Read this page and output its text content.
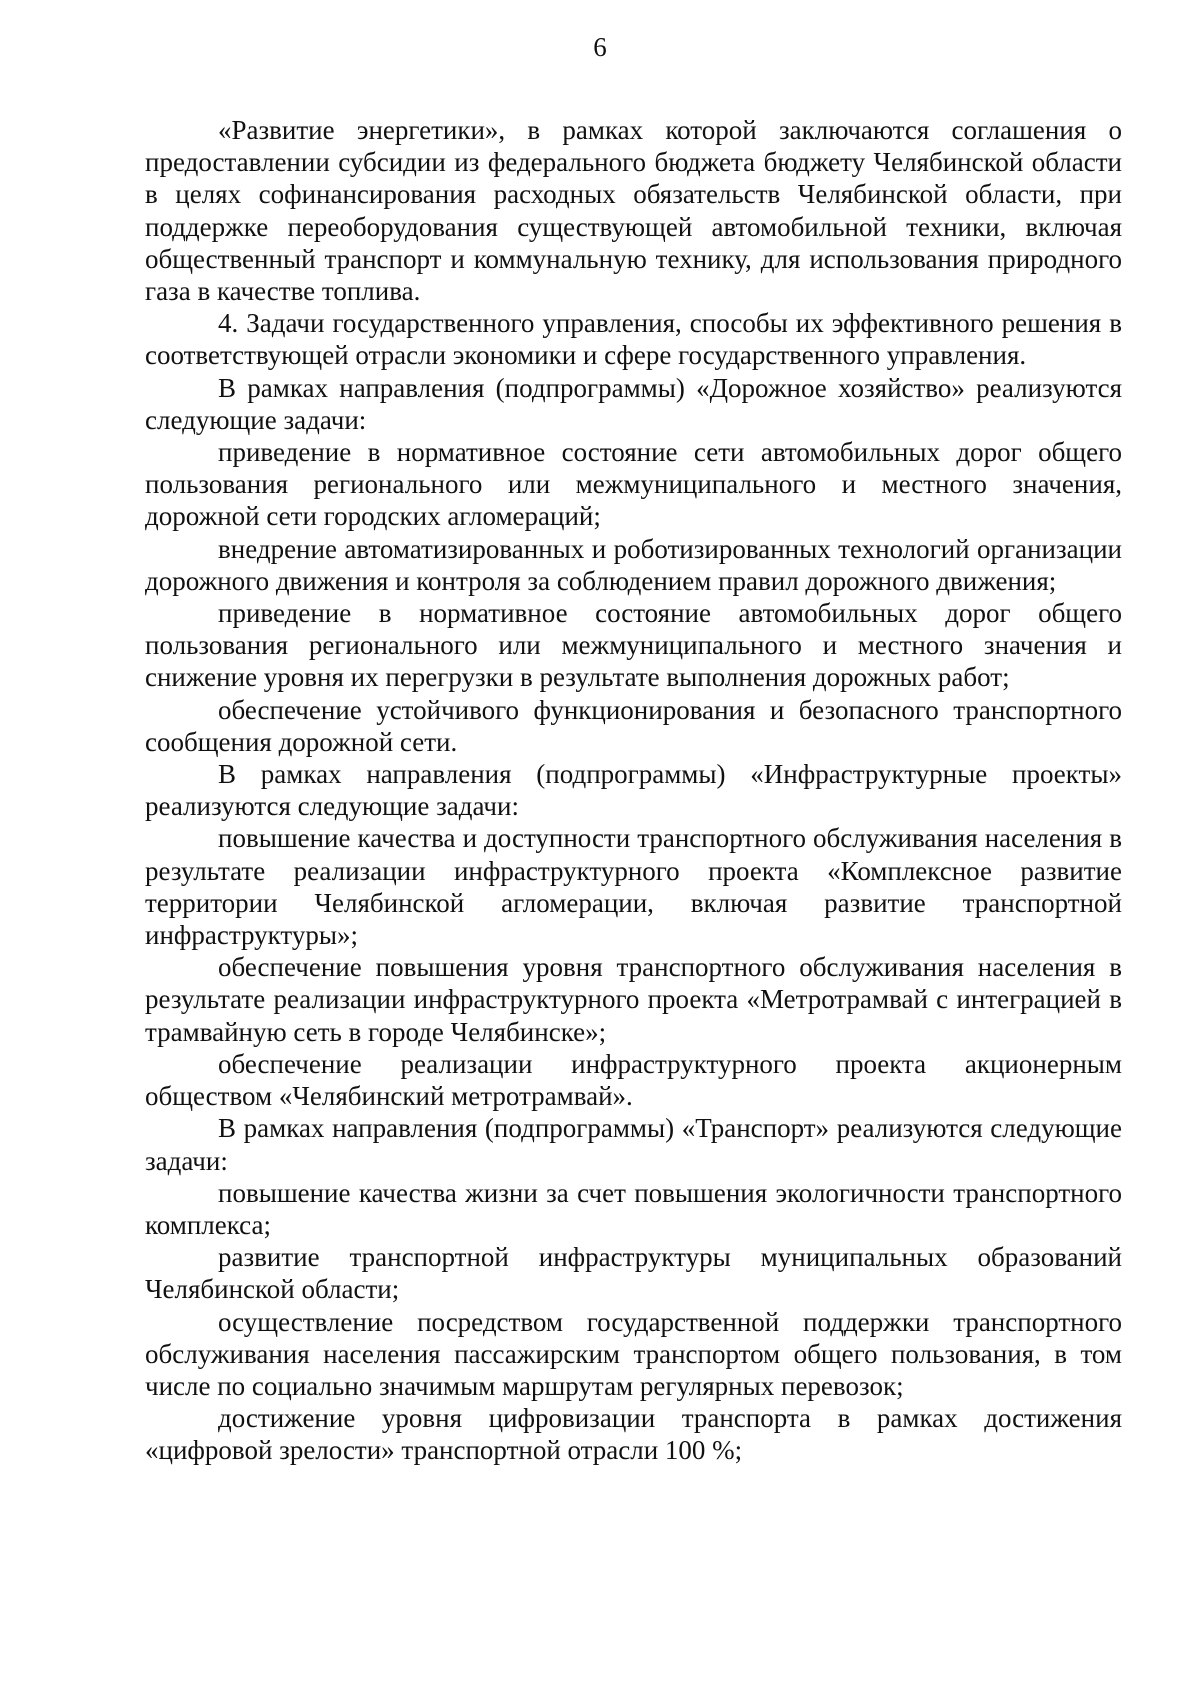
6

«Развитие энергетики», в рамках которой заключаются соглашения о предоставлении субсидии из федерального бюджета бюджету Челябинской области в целях софинансирования расходных обязательств Челябинской области, при поддержке переоборудования существующей автомобильной техники, включая общественный транспорт и коммунальную технику, для использования природного газа в качестве топлива.

4. Задачи государственного управления, способы их эффективного решения в соответствующей отрасли экономики и сфере государственного управления.

В рамках направления (подпрограммы) «Дорожное хозяйство» реализуются следующие задачи:

приведение в нормативное состояние сети автомобильных дорог общего пользования регионального или межмуниципального и местного значения, дорожной сети городских агломераций;

внедрение автоматизированных и роботизированных технологий организации дорожного движения и контроля за соблюдением правил дорожного движения;

приведение в нормативное состояние автомобильных дорог общего пользования регионального или межмуниципального и местного значения и снижение уровня их перегрузки в результате выполнения дорожных работ;

обеспечение устойчивого функционирования и безопасного транспортного сообщения дорожной сети.

В рамках направления (подпрограммы) «Инфраструктурные проекты» реализуются следующие задачи:

повышение качества и доступности транспортного обслуживания населения в результате реализации инфраструктурного проекта «Комплексное развитие территории Челябинской агломерации, включая развитие транспортной инфраструктуры»;

обеспечение повышения уровня транспортного обслуживания населения в результате реализации инфраструктурного проекта «Метротрамвай с интеграцией в трамвайную сеть в городе Челябинске»;

обеспечение реализации инфраструктурного проекта акционерным обществом «Челябинский метротрамвай».

В рамках направления (подпрограммы) «Транспорт» реализуются следующие задачи:

повышение качества жизни за счет повышения экологичности транспортного комплекса;

развитие транспортной инфраструктуры муниципальных образований Челябинской области;

осуществление посредством государственной поддержки транспортного обслуживания населения пассажирским транспортом общего пользования, в том числе по социально значимым маршрутам регулярных перевозок;

достижение уровня цифровизации транспорта в рамках достижения «цифровой зрелости» транспортной отрасли 100 %;
